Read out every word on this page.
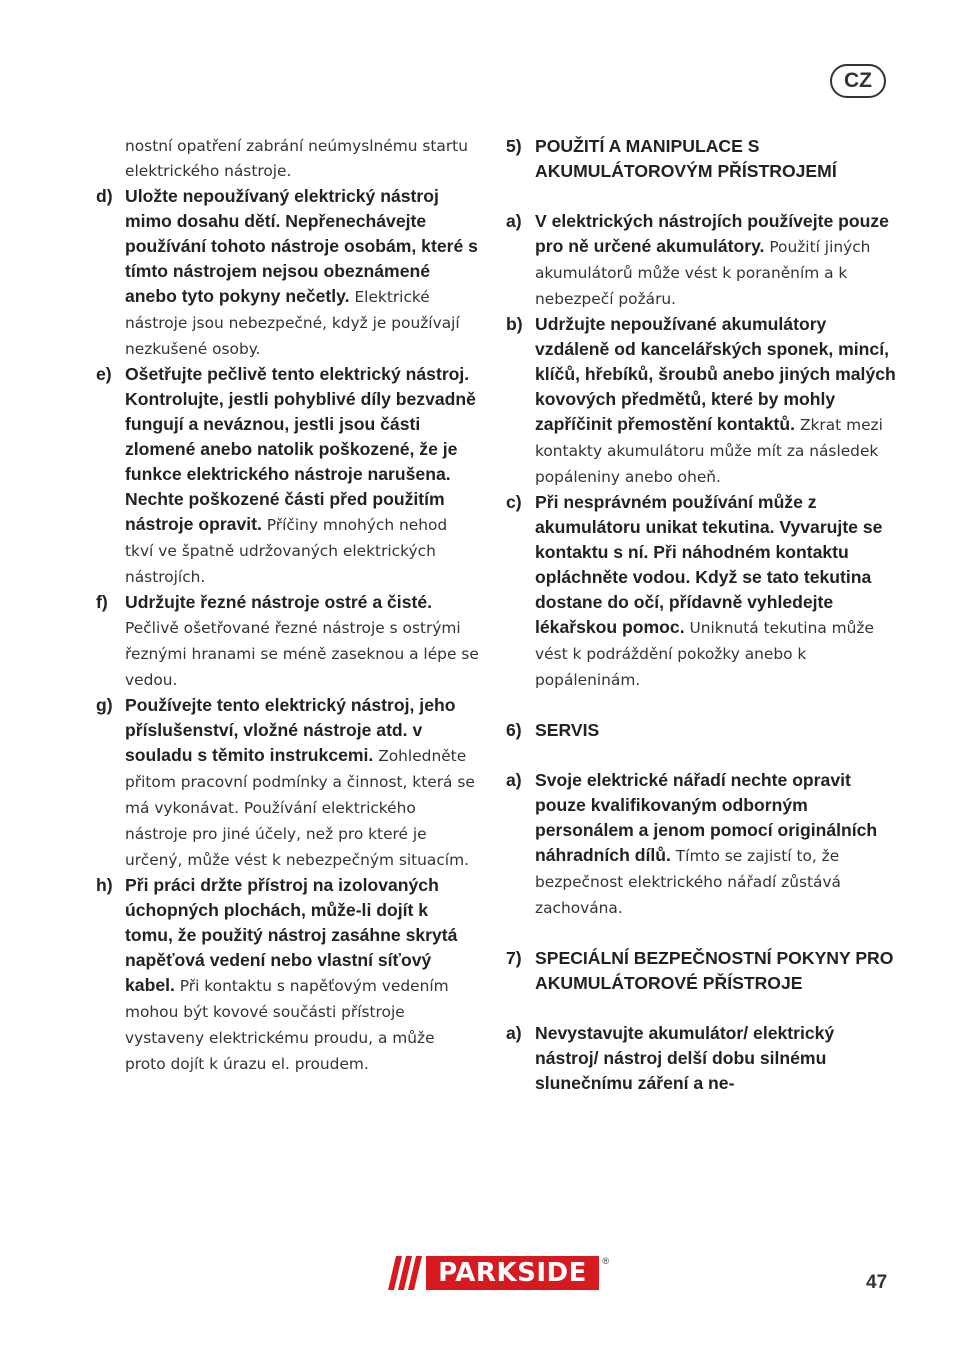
CZ
nostní opatření zabrání neúmyslnému startu elektrického nástroje.
d) Uložte nepoužívaný elektrický nástroj mimo dosahu dětí. Nepřenechávejte používání tohoto nástroje osobám, které s tímto nástrojem nejsou obeznámené anebo tyto pokyny nečetly. Elektrické nástroje jsou nebezpečné, když je používají nezkušené osoby.
e) Ošetřujte pečlivě tento elektrický nástroj. Kontrolujte, jestli pohyblivé díly bezvadně fungují a neváznou, jestli jsou části zlomené anebo natolik poškozené, že je funkce elektrického nástroje narušena. Nechte poškozené části před použitím nástroje opravit. Příčiny mnohých nehod tkví ve špatně udržovaných elektrických nástrojích.
f) Udržujte řezné nástroje ostré a čisté. Pečlivě ošetřované řezné nástroje s ostrými řeznými hranami se méně zaseknou a lépe se vedou.
g) Používejte tento elektrický nástroj, jeho příslušenství, vložné nástroje atd. v souladu s těmito instrukcemi. Zohledněte přitom pracovní podmínky a činnost, která se má vykonávat. Používání elektrického nástroje pro jiné účely, než pro které je určený, může vést k nebezpečným situacím.
h) Při práci držte přístroj na izolovaných úchopných plochách, může-li dojít k tomu, že použitý nástroj zasáhne skrytá napěťová vedení nebo vlastní síťový kabel. Při kontaktu s napěťovým vedením mohou být kovové součásti přístroje vystaveny elektrickému proudu, a může proto dojít k úrazu el. proudem.
5) POUŽITÍ A MANIPULACE S AKUMULÁTOROVÝM PŘÍSTROJEMÍ
a) V elektrických nástrojích používejte pouze pro ně určené akumulátory. Použití jiných akumulátorů může vést k poraněním a k nebezpečí požáru.
b) Udržujte nepoužívané akumulátory vzdáleně od kancelářských sponek, mincí, klíčů, hřebíků, šroubů anebo jiných malých kovových předmětů, které by mohly zapříčinit přemostění kontaktů. Zkrat mezi kontakty akumulátoru může mít za následek popáleniny anebo oheň.
c) Při nesprávném používání může z akumulátoru unikat tekutina. Vyvarujte se kontaktu s ní. Při náhodném kontaktu opláchněte vodou. Když se tato tekutina dostane do očí, přídavně vyhledejte lékařskou pomoc. Uniknutá tekutina může vést k podráždění pokožky anebo k popáleninám.
6) SERVIS
a) Svoje elektrické nářadí nechte opravit pouze kvalifikovaným odborným personálem a jenom pomocí originálních náhradních dílů. Tímto se zajistí to, že bezpečnost elektrického nářadí zůstává zachována.
7) SPECIÁLNÍ BEZPEČNOSTNÍ POKYNY PRO AKUMULÁTOROVÉ PŘÍSTROJE
a) Nevystavujte akumulátor/ elektrický nástroj/ nástroj delší dobu silnému slunečnímu záření a ne-
PARKSIDE	®
47
